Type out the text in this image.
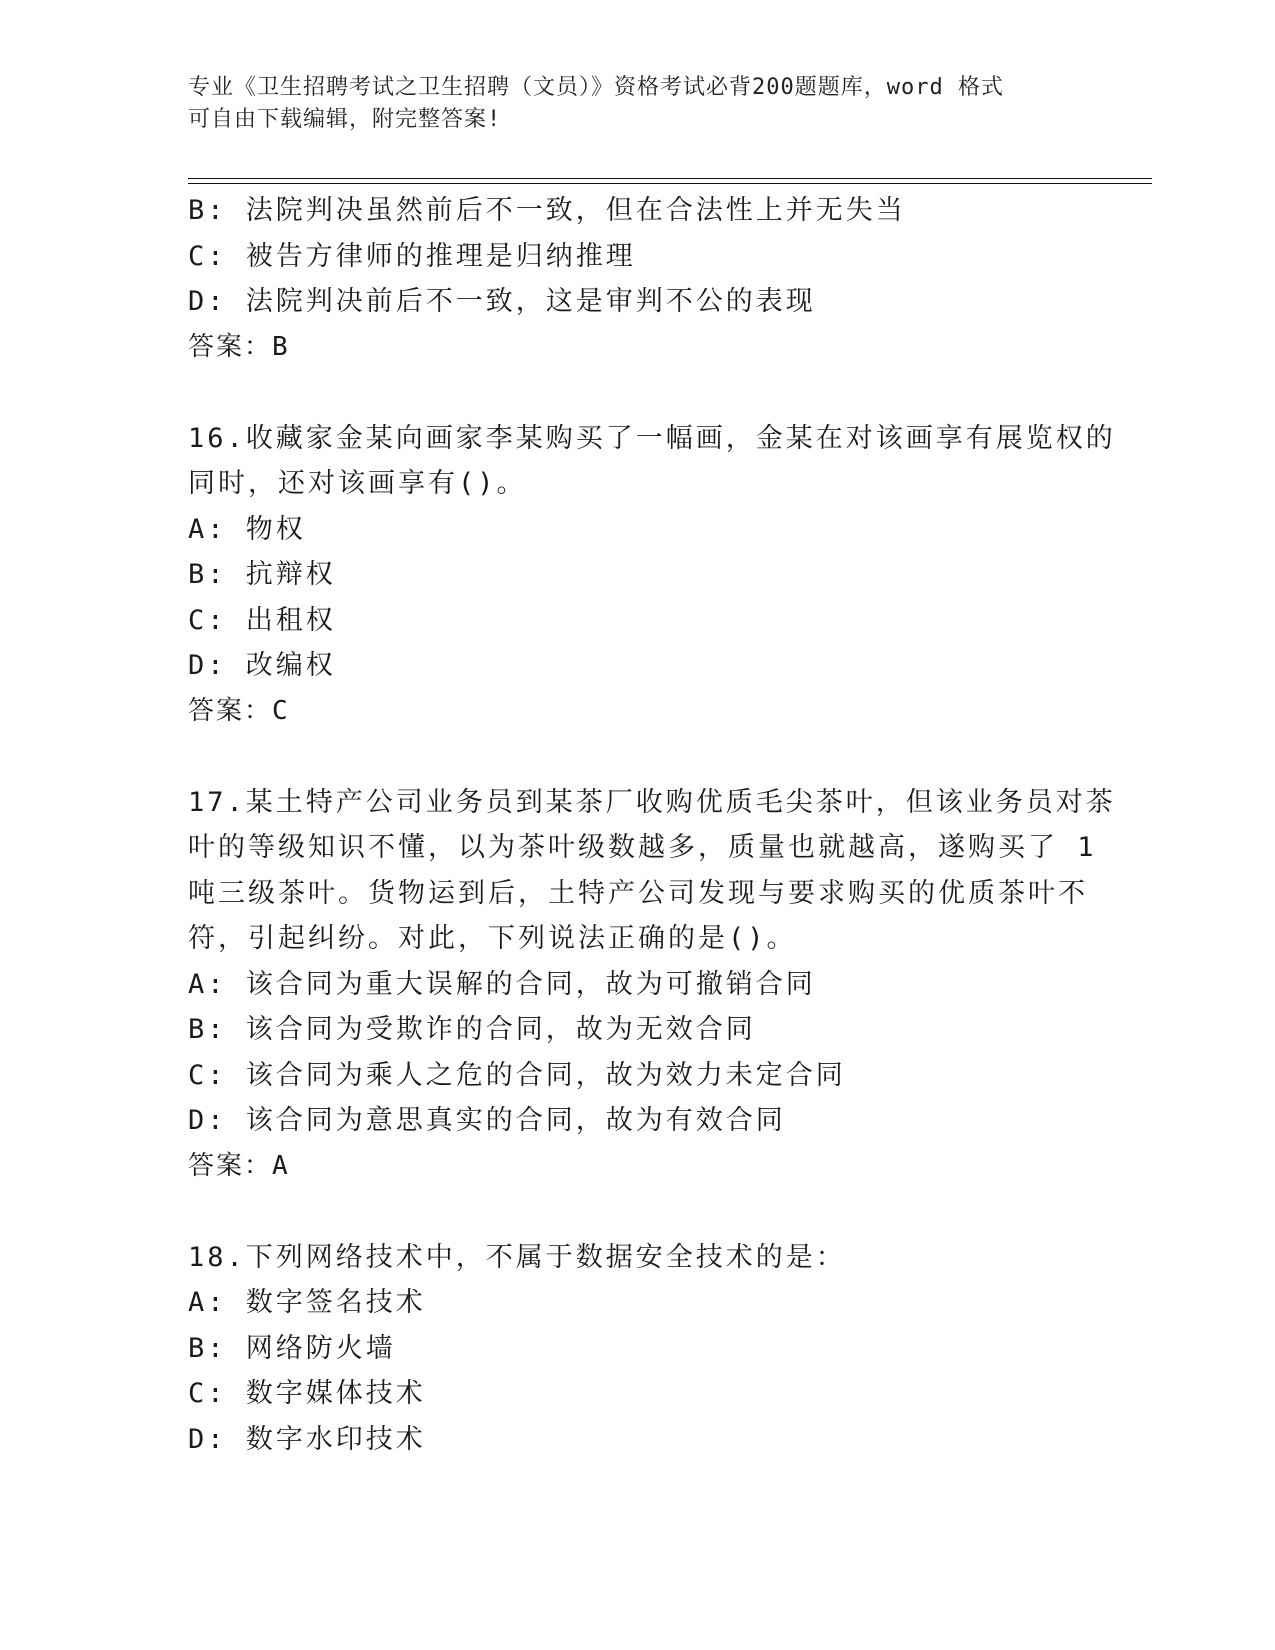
专业《卫生招聘考试之卫生招聘（文员）》资格考试必背200题题库，word 格式
可自由下载编辑，附完整答案!
B: 法院判决虽然前后不一致，但在合法性上并无失当
C: 被告方律师的推理是归纳推理
D: 法院判决前后不一致，这是审判不公的表现
答案：B
16.收藏家金某向画家李某购买了一幅画，金某在对该画享有展览权的
同时，还对该画享有()。
A: 物权
B: 抗辩权
C: 出租权
D: 改编权
答案：C
17.某土特产公司业务员到某茶厂收购优质毛尖茶叶，但该业务员对茶
叶的等级知识不懂，以为茶叶级数越多，质量也就越高，遂购买了 1
吨三级茶叶。货物运到后，土特产公司发现与要求购买的优质茶叶不
符，引起纠纷。对此，下列说法正确的是()。
A: 该合同为重大误解的合同，故为可撤销合同
B: 该合同为受欺诈的合同，故为无效合同
C: 该合同为乘人之危的合同，故为效力未定合同
D: 该合同为意思真实的合同，故为有效合同
答案：A
18.下列网络技术中，不属于数据安全技术的是：
A: 数字签名技术
B: 网络防火墙
C: 数字媒体技术
D: 数字水印技术
